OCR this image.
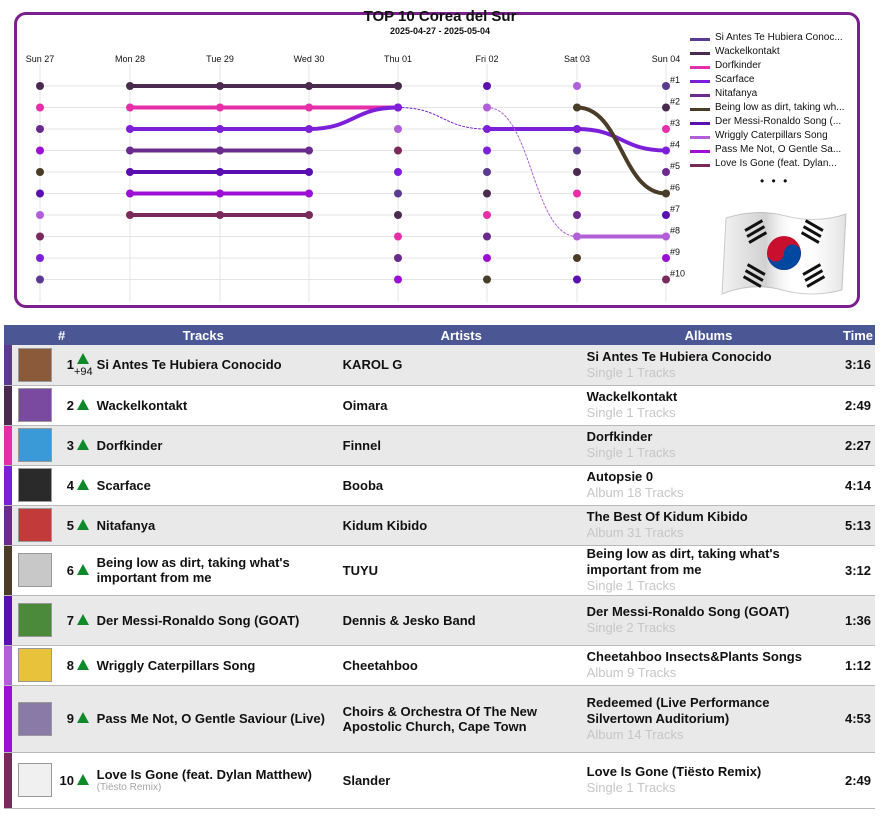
TOP 10 Corea del Sur
2025-04-27 - 2025-05-04
Sun 27	Mon 28	Tue 29	Wed 30	Thu 01	Fri 02	Sat 03	Sun 04
#1
#2
#3
#4
#5
#6
#7
#8
#9
#10
Si Antes Te Hubiera Conoc...
Wackelkontakt
Dorfkinder
Scarface
Nitafanya
Being low as dirt, taking wh...
Der Messi-Ronaldo Song (...
Wriggly Caterpillars Song
Pass Me Not, O Gentle Sa...
Love Is Gone (feat. Dylan...
• • •
		#		Tracks	Artists	Albums	Time

	1	+94	Si Antes Te Hubiera Conocido	KAROL G	Si Antes Te Hubiera Conocido
Single 1 Tracks	3:16

	2		Wackelkontakt	Oimara	Wackelkontakt
Single 1 Tracks	2:49

	3		Dorfkinder	Finnel	Dorfkinder
Single 1 Tracks	2:27

	4		Scarface	Booba	Autopsie 0
Album 18 Tracks	4:14

	5		Nitafanya	Kidum Kibido	The Best Of Kidum Kibido
Album 31 Tracks	5:13

	6		Being low as dirt, taking what's important from me	TUYU	Being low as dirt, taking what's important from me
Single 1 Tracks	3:12

	7		Der Messi-Ronaldo Song (GOAT)	Dennis & Jesko Band	Der Messi-Ronaldo Song (GOAT)
Single 2 Tracks	1:36

	8		Wriggly Caterpillars Song	Cheetahboo	Cheetahboo Insects&Plants Songs
Album 9 Tracks	1:12

	9		Pass Me Not, O Gentle Saviour (Live)	Choirs & Orchestra Of The New Apostolic Church, Cape Town	Redeemed (Live Performance Silvertown Auditorium)
Album 14 Tracks	4:53

	10		Love Is Gone (feat. Dylan Matthew)
(Tiësto Remix)	Slander	Love Is Gone (Tiësto Remix)
Single 1 Tracks	2:49
